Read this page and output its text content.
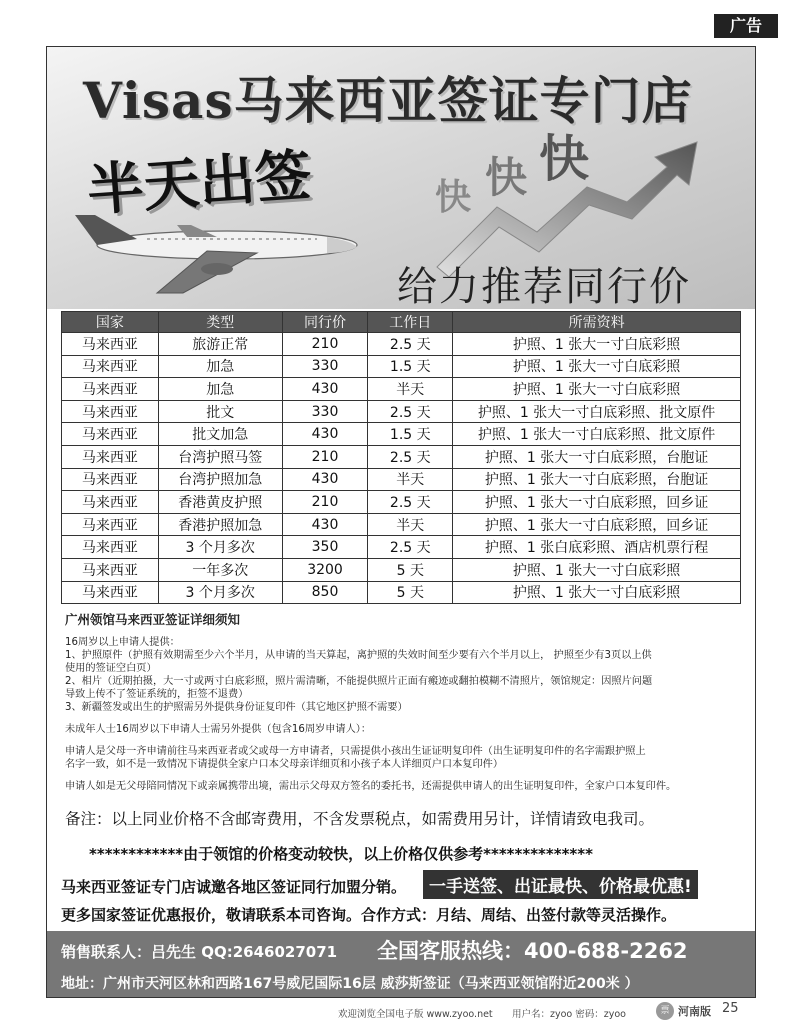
广告
Visas马来西亚签证专门店
半天出签	快 快 快
给力推荐同行价
国家	类型	同行价	工作日	所需资料
马来西亚	旅游正常	210	2.5 天	护照、1 张大一寸白底彩照
马来西亚	加急	330	1.5 天	护照、1 张大一寸白底彩照
马来西亚	加急	430	半天	护照、1 张大一寸白底彩照
马来西亚	批文	330	2.5 天	护照、1 张大一寸白底彩照、批文原件
马来西亚	批文加急	430	1.5 天	护照、1 张大一寸白底彩照、批文原件
马来西亚	台湾护照马签	210	2.5 天	护照、1 张大一寸白底彩照，台胞证
马来西亚	台湾护照加急	430	半天	护照、1 张大一寸白底彩照，台胞证
马来西亚	香港黄皮护照	210	2.5 天	护照、1 张大一寸白底彩照，回乡证
马来西亚	香港护照加急	430	半天	护照、1 张大一寸白底彩照，回乡证
马来西亚	3 个月多次	350	2.5 天	护照、1 张白底彩照、酒店机票行程
马来西亚	一年多次	3200	5 天	护照、1 张大一寸白底彩照
马来西亚	3 个月多次	850	5 天	护照、1 张大一寸白底彩照
广州领馆马来西亚签证详细须知
16周岁以上申请人提供：
1、护照原件（护照有效期需至少六个半月，从申请的当天算起，离护照的失效时间至少要有六个半月以上， 护照至少有3页以上供
使用的签证空白页）
2、相片（近期拍摄，大一寸或两寸白底彩照，照片需清晰，不能提供照片正面有瘢迹或翻拍模糊不清照片，领馆规定：因照片问题
导致上传不了签证系统的，拒签不退费）
3、新疆签发或出生的护照需另外提供身份证复印件（其它地区护照不需要）
未成年人士16周岁以下申请人士需另外提供（包含16周岁申请人）：
申请人是父母一齐申请前往马来西亚者或父或母一方申请者，只需提供小孩出生证证明复印件（出生证明复印件的名字需跟护照上
名字一致，如不是一致情况下请提供全家户口本父母亲详细页和小孩子本人详细页户口本复印件）
申请人如是无父母陪同情况下或亲属携带出境，需出示父母双方签名的委托书，还需提供申请人的出生证明复印件，全家户口本复印件。
备注：以上同业价格不含邮寄费用，不含发票税点，如需费用另计，详情请致电我司。
************由于领馆的价格变动较快，以上价格仅供参考**************
马来西亚签证专门店诚邀各地区签证同行加盟分销。	一手送签、出证最快、价格最优惠!
更多国家签证优惠报价，敬请联系本司咨询。合作方式：月结、周结、出签付款等灵活操作。
销售联系人：吕先生 QQ:2646027071 全国客服热线：400-688-2262
地址：广州市天河区林和西路167号威尼国际16层 威莎斯签证（马来西亚领馆附近200米 ）
欢迎浏览全国电子版 www.zyoo.net 用户名：zyoo 密码：zyoo	票 河南版 25
